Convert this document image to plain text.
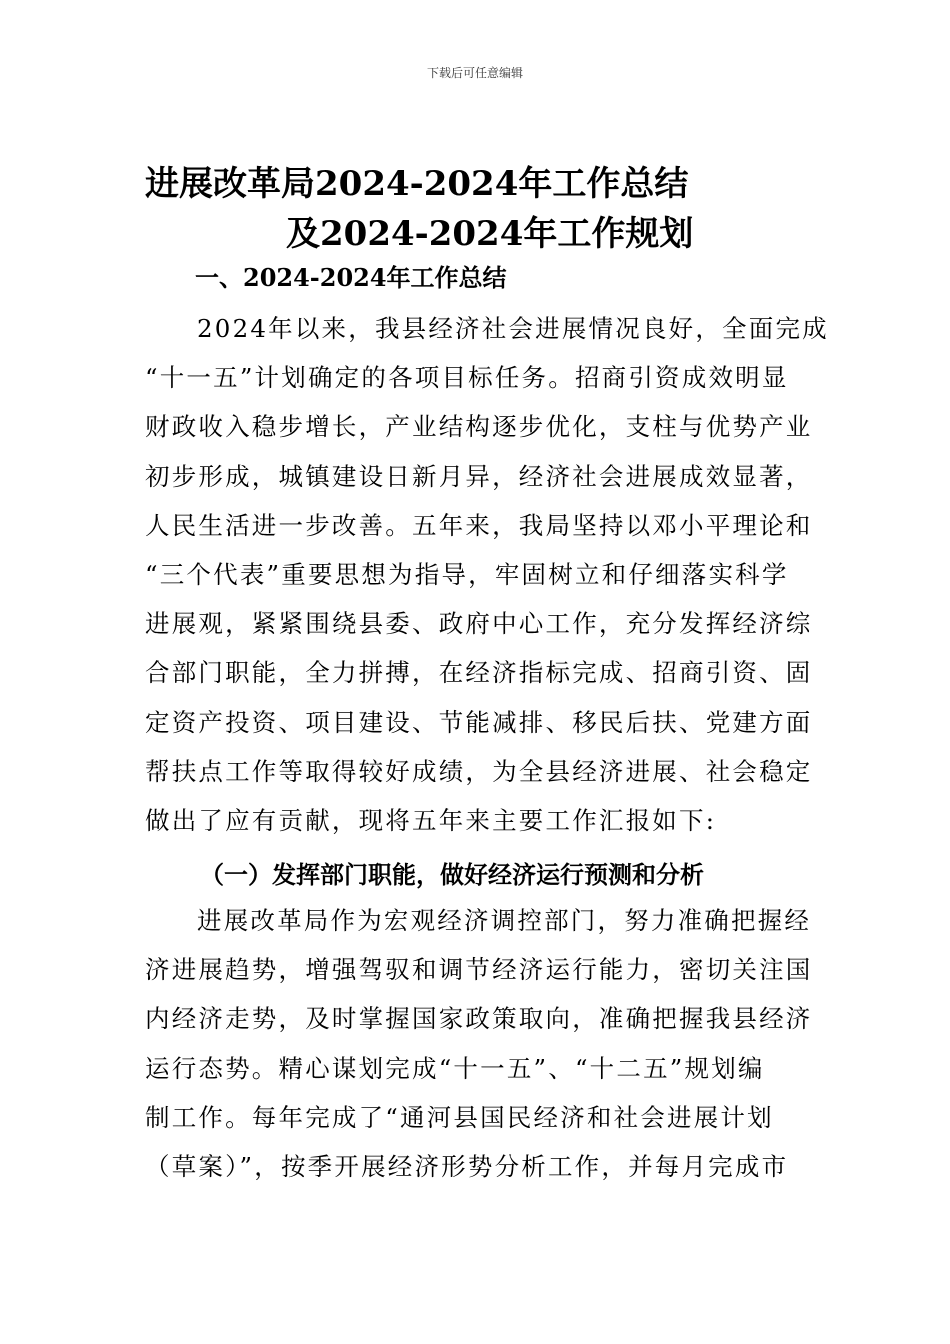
下载后可任意编辑
进展改革局2024-2024年工作总结
及2024-2024年工作规划
一、2024-2024年工作总结
2024年以来，我县经济社会进展情况良好，全面完成
“十一五”计划确定的各项目标任务。招商引资成效明显
财政收入稳步增长，产业结构逐步优化，支柱与优势产业
初步形成，城镇建设日新月异，经济社会进展成效显著，
人民生活进一步改善。五年来，我局坚持以邓小平理论和
“三个代表”重要思想为指导，牢固树立和仔细落实科学
进展观，紧紧围绕县委、政府中心工作，充分发挥经济综
合部门职能，全力拼搏，在经济指标完成、招商引资、固
定资产投资、项目建设、节能减排、移民后扶、党建方面
帮扶点工作等取得较好成绩，为全县经济进展、社会稳定
做出了应有贡献，现将五年来主要工作汇报如下:
（一）发挥部门职能，做好经济运行预测和分析
进展改革局作为宏观经济调控部门，努力准确把握经
济进展趋势，增强驾驭和调节经济运行能力，密切关注国
内经济走势，及时掌握国家政策取向，准确把握我县经济
运行态势。精心谋划完成“十一五”、“十二五”规划编
制工作。每年完成了“通河县国民经济和社会进展计划
（草案）”，按季开展经济形势分析工作，并每月完成市
